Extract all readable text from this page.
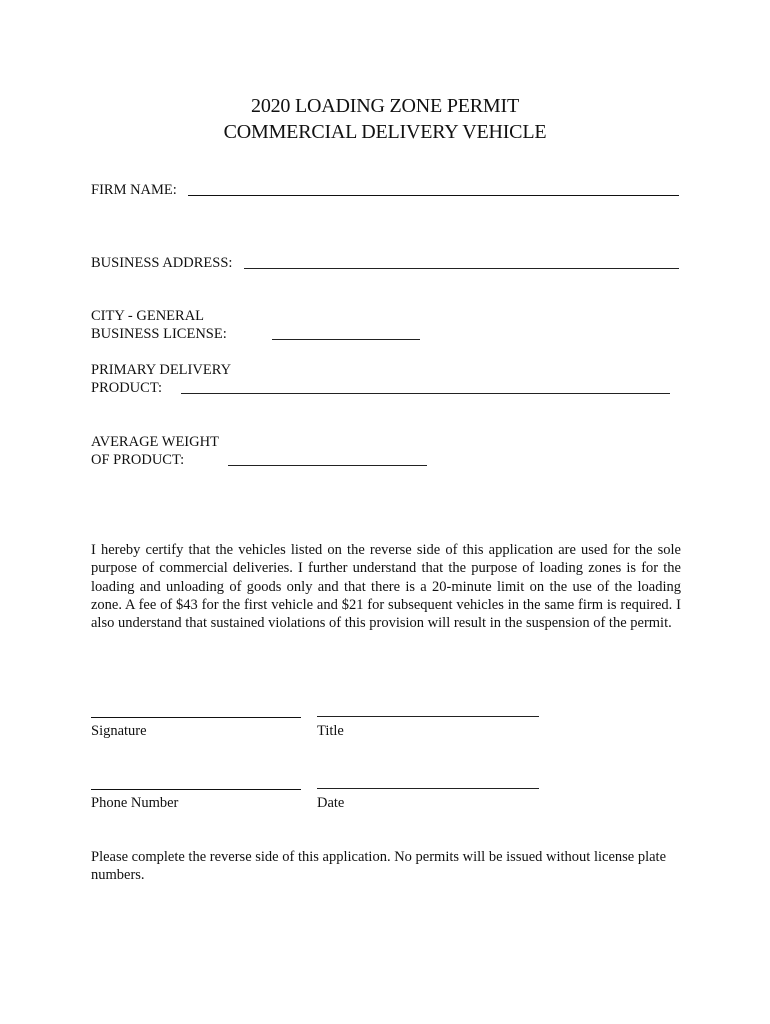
2020 LOADING ZONE PERMIT
COMMERCIAL DELIVERY VEHICLE
FIRM NAME:
BUSINESS ADDRESS:
CITY - GENERAL
BUSINESS LICENSE:
PRIMARY DELIVERY
PRODUCT:
AVERAGE WEIGHT
OF PRODUCT:
I hereby certify that the vehicles listed on the reverse side of this application are used for the sole purpose of commercial deliveries. I further understand that the purpose of loading zones is for the loading and unloading of goods only and that there is a 20-minute limit on the use of the loading zone. A fee of $43 for the first vehicle and $21 for subsequent vehicles in the same firm is required. I also understand that sustained violations of this provision will result in the suspension of the permit.
Signature	Title
Phone Number	Date
Please complete the reverse side of this application. No permits will be issued without license plate numbers.
